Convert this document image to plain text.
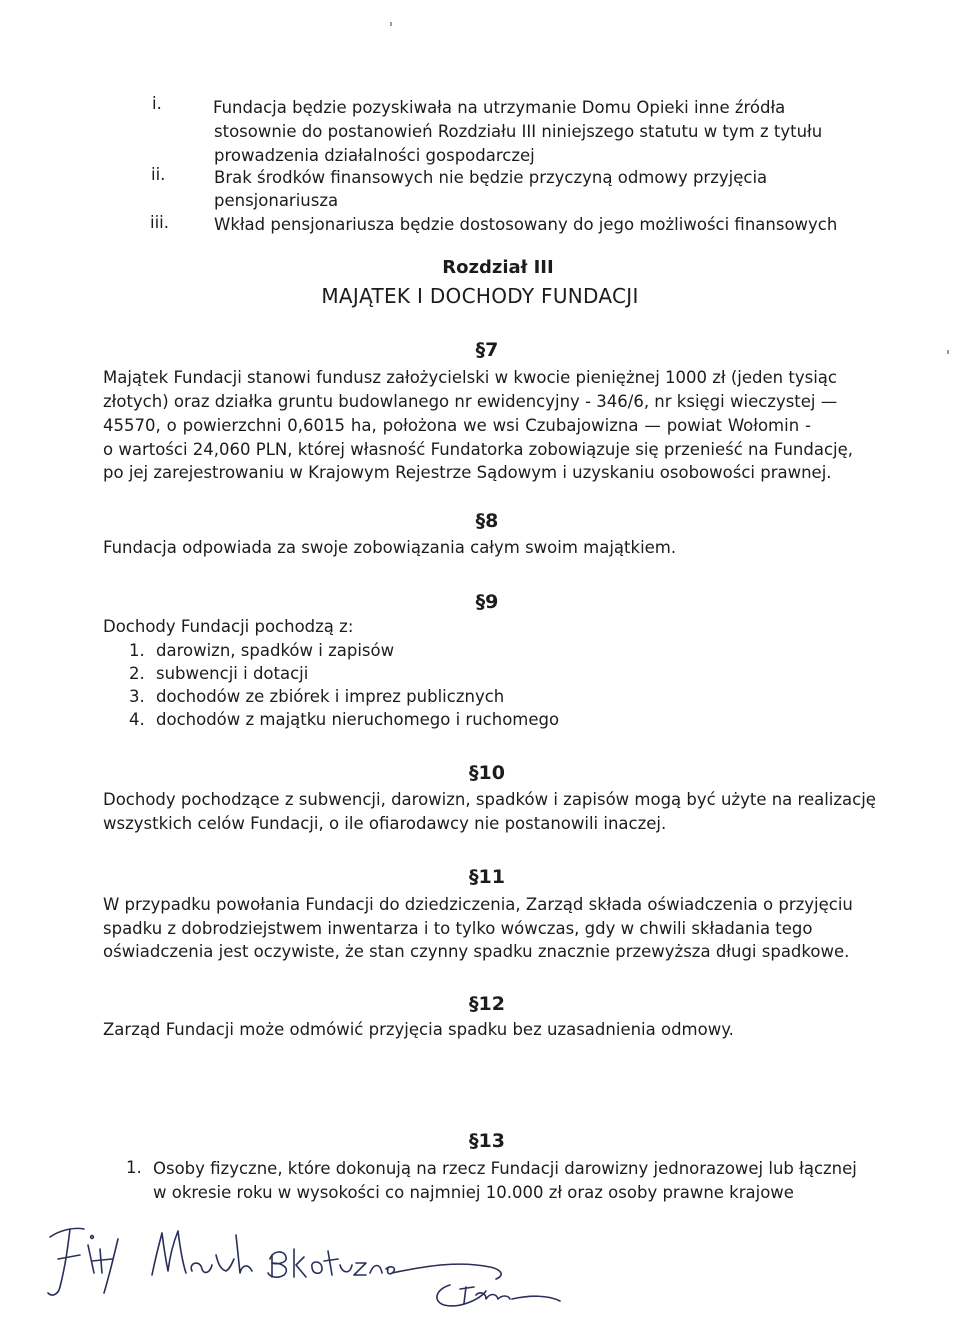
i.	Fundacja będzie pozyskiwała na utrzymanie Domu Opieki inne źródła
stosownie do postanowień Rozdziału III niniejszego statutu w tym z tytułu
prowadzenia działalności gospodarczej
ii.	Brak środków finansowych nie będzie przyczyną odmowy przyjęcia
pensjonariusza
iii.	Wkład pensjonariusza będzie dostosowany do jego możliwości finansowych
Rozdział III
MAJĄTEK I DOCHODY FUNDACJI
§7
Majątek Fundacji stanowi fundusz założycielski w kwocie pieniężnej 1000 zł (jeden tysiąc
złotych) oraz działka gruntu budowlanego nr ewidencyjny - 346/6, nr księgi wieczystej —
45570, o powierzchni 0,6015 ha, położona we wsi Czubajowizna — powiat Wołomin -
o wartości 24,060 PLN, której własność Fundatorka zobowiązuje się przenieść na Fundację,
po jej zarejestrowaniu w Krajowym Rejestrze Sądowym i uzyskaniu osobowości prawnej.
§8
Fundacja odpowiada za swoje zobowiązania całym swoim majątkiem.
§9
Dochody Fundacji pochodzą z:
1. darowizn, spadków i zapisów
2. subwencji i dotacji
3. dochodów ze zbiórek i imprez publicznych
4. dochodów z majątku nieruchomego i ruchomego
§10
Dochody pochodzące z subwencji, darowizn, spadków i zapisów mogą być użyte na realizację
wszystkich celów Fundacji, o ile ofiarodawcy nie postanowili inaczej.
§11
W przypadku powołania Fundacji do dziedziczenia, Zarząd składa oświadczenia o przyjęciu
spadku z dobrodziejstwem inwentarza i to tylko wówczas, gdy w chwili składania tego
oświadczenia jest oczywiste, że stan czynny spadku znacznie przewyższa długi spadkowe.
§12
Zarząd Fundacji może odmówić przyjęcia spadku bez uzasadnienia odmowy.
§13
1. Osoby fizyczne, które dokonują na rzecz Fundacji darowizny jednorazowej lub łącznej
w okresie roku w wysokości co najmniej 10.000 zł oraz osoby prawne krajowe
